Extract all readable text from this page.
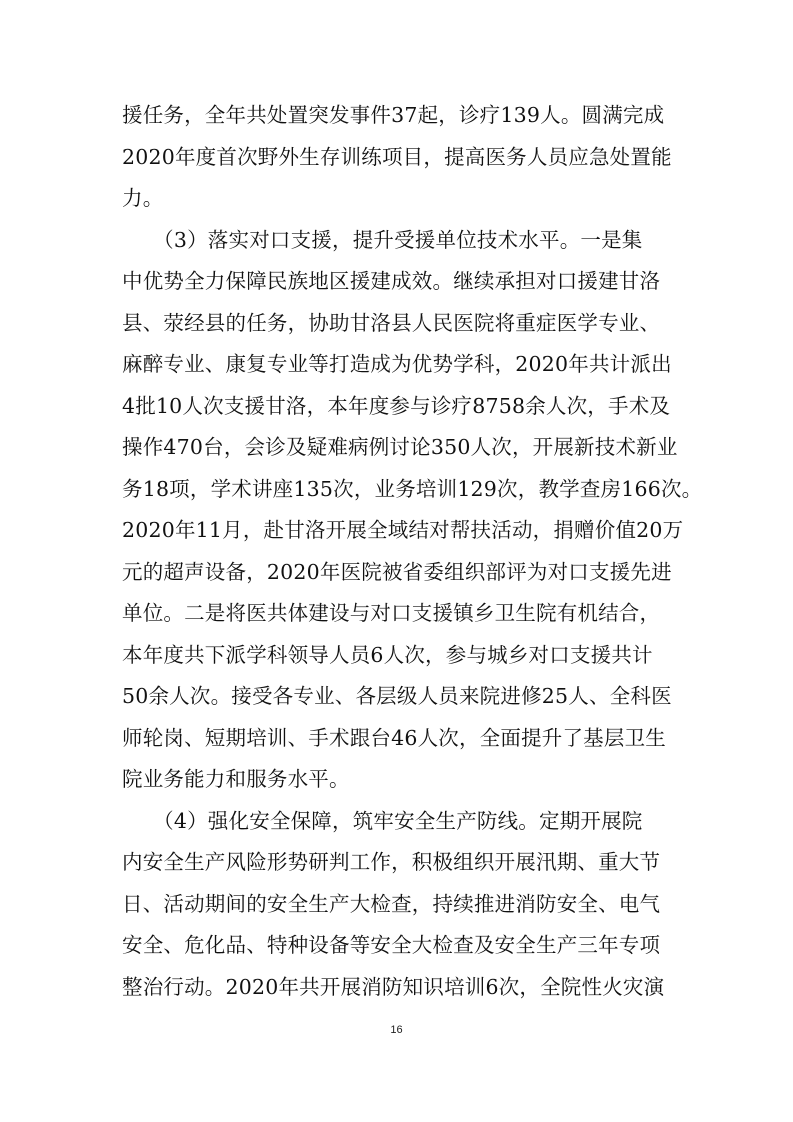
援任务，全年共处置突发事件37起，诊疗139人。圆满完成
2020年度首次野外生存训练项目，提高医务人员应急处置能
力。
　　（3）落实对口支援，提升受援单位技术水平。一是集
中优势全力保障民族地区援建成效。继续承担对口援建甘洛
县、荥经县的任务，协助甘洛县人民医院将重症医学专业、
麻醉专业、康复专业等打造成为优势学科，2020年共计派出
4批10人次支援甘洛，本年度参与诊疗8758余人次，手术及
操作470台，会诊及疑难病例讨论350人次，开展新技术新业
务18项，学术讲座135次，业务培训129次，教学查房166次。
2020年11月，赴甘洛开展全域结对帮扶活动，捐赠价值20万
元的超声设备，2020年医院被省委组织部评为对口支援先进
单位。二是将医共体建设与对口支援镇乡卫生院有机结合，
本年度共下派学科领导人员6人次，参与城乡对口支援共计
50余人次。接受各专业、各层级人员来院进修25人、全科医
师轮岗、短期培训、手术跟台46人次，全面提升了基层卫生
院业务能力和服务水平。
　　（4）强化安全保障，筑牢安全生产防线。定期开展院
内安全生产风险形势研判工作，积极组织开展汛期、重大节
日、活动期间的安全生产大检查，持续推进消防安全、电气
安全、危化品、特种设备等安全大检查及安全生产三年专项
整治行动。2020年共开展消防知识培训6次，全院性火灾演
16
